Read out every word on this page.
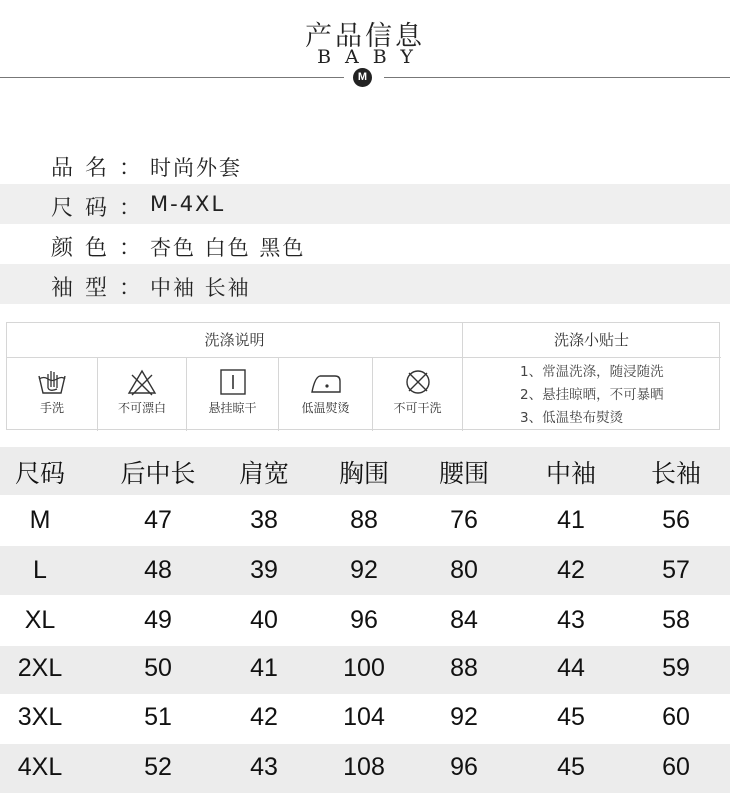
产品信息
BABY
M
品名：
时尚外套
尺码：
M-4XL
颜色：
杏色 白色 黑色
袖型：
中袖 长袖
洗涤说明	洗涤小贴士
手洗	不可漂白	悬挂晾干	低温熨烫	不可干洗
1、常温洗涤，随浸随洗
2、悬挂晾晒，不可暴晒
3、低温垫布熨烫
尺码	后中长	肩宽	胸围	腰围	中袖	长袖
M	47	38	88	76	41	56
L	48	39	92	80	42	57
XL	49	40	96	84	43	58
2XL	50	41	100	88	44	59
3XL	51	42	104	92	45	60
4XL	52	43	108	96	45	60
